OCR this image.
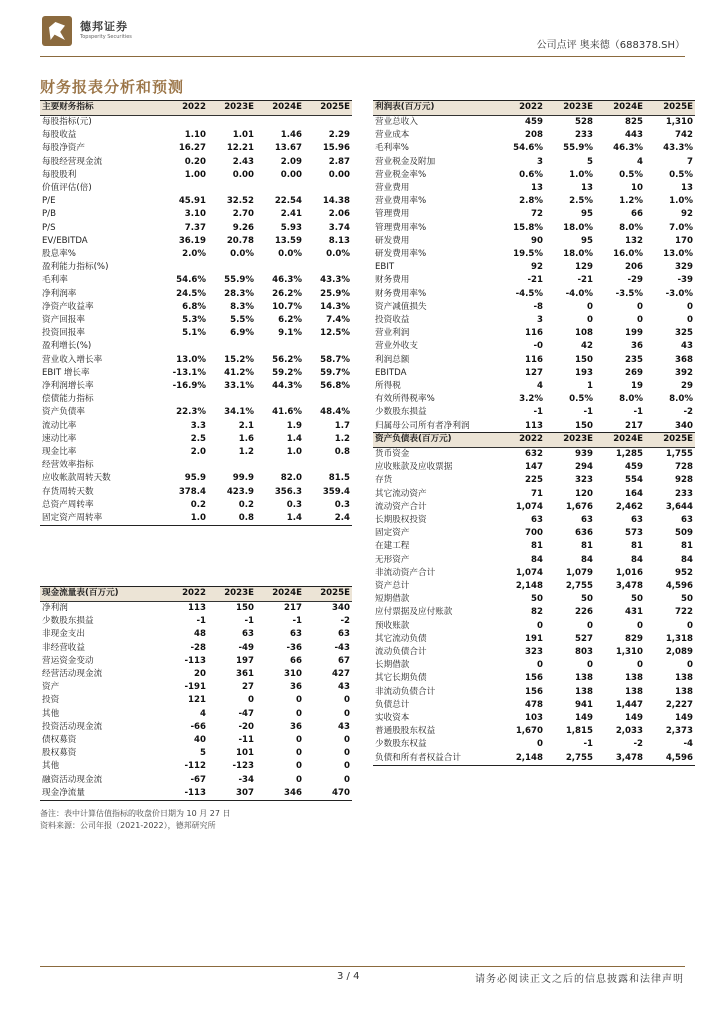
德邦证券
Topsperity Securities
公司点评 奥来德（688378.SH）
财务报表分析和预测
主要财务指标	2022	2023E	2024E	2025E
每股指标(元)				
每股收益	1.10	1.01	1.46	2.29
每股净资产	16.27	12.21	13.67	15.96
每股经营现金流	0.20	2.43	2.09	2.87
每股股利	1.00	0.00	0.00	0.00
价值评估(倍)				
P/E	45.91	32.52	22.54	14.38
P/B	3.10	2.70	2.41	2.06
P/S	7.37	9.26	5.93	3.74
EV/EBITDA	36.19	20.78	13.59	8.13
股息率%	2.0%	0.0%	0.0%	0.0%
盈利能力指标(%)				
毛利率	54.6%	55.9%	46.3%	43.3%
净利润率	24.5%	28.3%	26.2%	25.9%
净资产收益率	6.8%	8.3%	10.7%	14.3%
资产回报率	5.3%	5.5%	6.2%	7.4%
投资回报率	5.1%	6.9%	9.1%	12.5%
盈利增长(%)				
营业收入增长率	13.0%	15.2%	56.2%	58.7%
EBIT 增长率	-13.1%	41.2%	59.2%	59.7%
净利润增长率	-16.9%	33.1%	44.3%	56.8%
偿债能力指标				
资产负债率	22.3%	34.1%	41.6%	48.4%
流动比率	3.3	2.1	1.9	1.7
速动比率	2.5	1.6	1.4	1.2
现金比率	2.0	1.2	1.0	0.8
经营效率指标				
应收帐款周转天数	95.9	99.9	82.0	81.5
存货周转天数	378.4	423.9	356.3	359.4
总资产周转率	0.2	0.2	0.3	0.3
固定资产周转率	1.0	0.8	1.4	2.4
利润表(百万元)	2022	2023E	2024E	2025E
营业总收入	459	528	825	1,310
营业成本	208	233	443	742
毛利率%	54.6%	55.9%	46.3%	43.3%
营业税金及附加	3	5	4	7
营业税金率%	0.6%	1.0%	0.5%	0.5%
营业费用	13	13	10	13
营业费用率%	2.8%	2.5%	1.2%	1.0%
管理费用	72	95	66	92
管理费用率%	15.8%	18.0%	8.0%	7.0%
研发费用	90	95	132	170
研发费用率%	19.5%	18.0%	16.0%	13.0%
EBIT	92	129	206	329
财务费用	-21	-21	-29	-39
财务费用率%	-4.5%	-4.0%	-3.5%	-3.0%
资产减值损失	-8	0	0	0
投资收益	3	0	0	0
营业利润	116	108	199	325
营业外收支	-0	42	36	43
利润总额	116	150	235	368
EBITDA	127	193	269	392
所得税	4	1	19	29
有效所得税率%	3.2%	0.5%	8.0%	8.0%
少数股东损益	-1	-1	-1	-2
归属母公司所有者净利润	113	150	217	340
资产负债表(百万元)	2022	2023E	2024E	2025E
货币资金	632	939	1,285	1,755
应收账款及应收票据	147	294	459	728
存货	225	323	554	928
其它流动资产	71	120	164	233
流动资产合计	1,074	1,676	2,462	3,644
长期股权投资	63	63	63	63
固定资产	700	636	573	509
在建工程	81	81	81	81
无形资产	84	84	84	84
非流动资产合计	1,074	1,079	1,016	952
资产总计	2,148	2,755	3,478	4,596
短期借款	50	50	50	50
应付票据及应付账款	82	226	431	722
预收账款	0	0	0	0
其它流动负债	191	527	829	1,318
流动负债合计	323	803	1,310	2,089
长期借款	0	0	0	0
其它长期负债	156	138	138	138
非流动负债合计	156	138	138	138
负债总计	478	941	1,447	2,227
实收资本	103	149	149	149
普通股股东权益	1,670	1,815	2,033	2,373
少数股东权益	0	-1	-2	-4
负债和所有者权益合计	2,148	2,755	3,478	4,596
现金流量表(百万元)	2022	2023E	2024E	2025E
净利润	113	150	217	340
少数股东损益	-1	-1	-1	-2
非现金支出	48	63	63	63
非经营收益	-28	-49	-36	-43
营运资金变动	-113	197	66	67
经营活动现金流	20	361	310	427
资产	-191	27	36	43
投资	121	0	0	0
其他	4	-47	0	0
投资活动现金流	-66	-20	36	43
债权募资	40	-11	0	0
股权募资	5	101	0	0
其他	-112	-123	0	0
融资活动现金流	-67	-34	0	0
现金净流量	-113	307	346	470
备注：表中计算估值指标的收盘价日期为 10 月 27 日
资料来源：公司年报（2021-2022），德邦研究所
3 / 4	请务必阅读正文之后的信息披露和法律声明
